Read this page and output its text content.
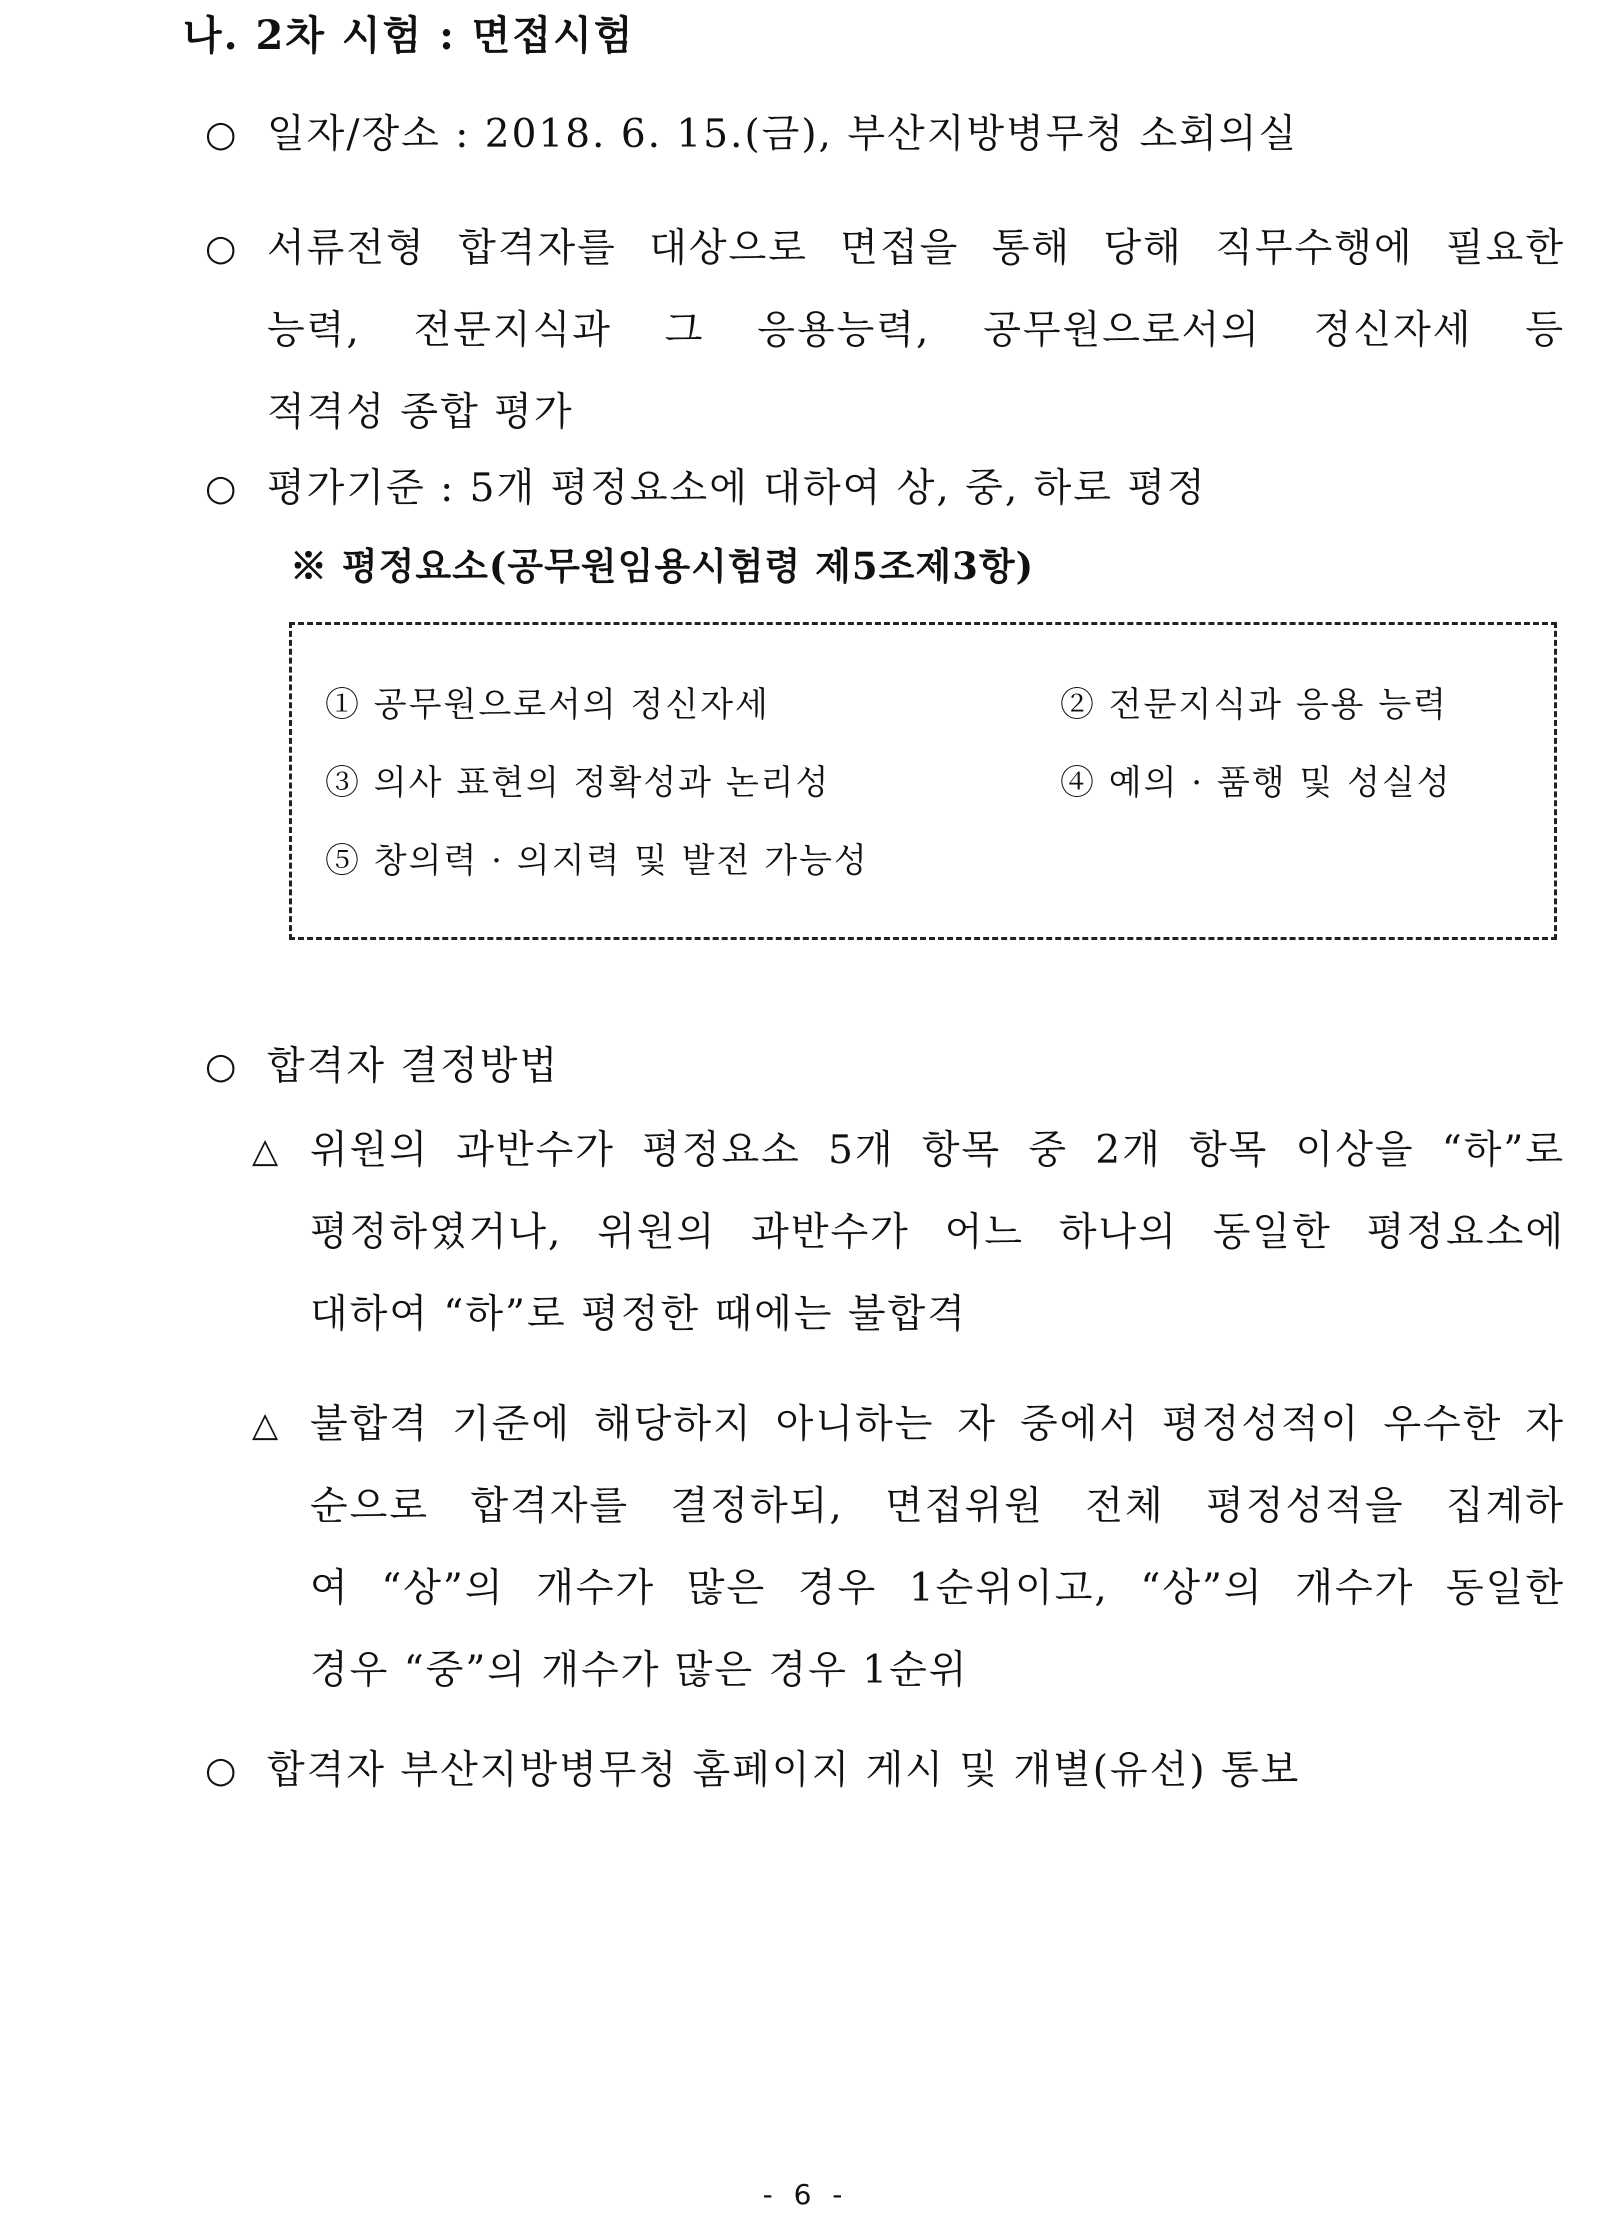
나. 2차 시험 : 면접시험
○ 일자/장소 : 2018. 6. 15.(금), 부산지방병무청 소회의실
○ 서류전형 합격자를 대상으로 면접을 통해 당해 직무수행에 필요한
능력, 전문지식과 그 응용능력, 공무원으로서의 정신자세 등
적격성 종합 평가
○ 평가기준 : 5개 평정요소에 대하여 상, 중, 하로 평정
※ 평정요소(공무원임용시험령 제5조제3항)
① 공무원으로서의 정신자세	② 전문지식과 응용 능력
③ 의사 표현의 정확성과 논리성	④ 예의 · 품행 및 성실성
⑤ 창의력 · 의지력 및 발전 가능성
○ 합격자 결정방법
△ 위원의 과반수가 평정요소 5개 항목 중 2개 항목 이상을 “하”로
평정하였거나, 위원의 과반수가 어느 하나의 동일한 평정요소에
대하여 “하”로 평정한 때에는 불합격
△ 불합격 기준에 해당하지 아니하는 자 중에서 평정성적이 우수한 자
순으로 합격자를 결정하되, 면접위원 전체 평정성적을 집계하
여 “상”의 개수가 많은 경우 1순위이고, “상”의 개수가 동일한
경우 “중”의 개수가 많은 경우 1순위
○ 합격자 부산지방병무청 홈페이지 게시 및 개별(유선) 통보
- 6 -
